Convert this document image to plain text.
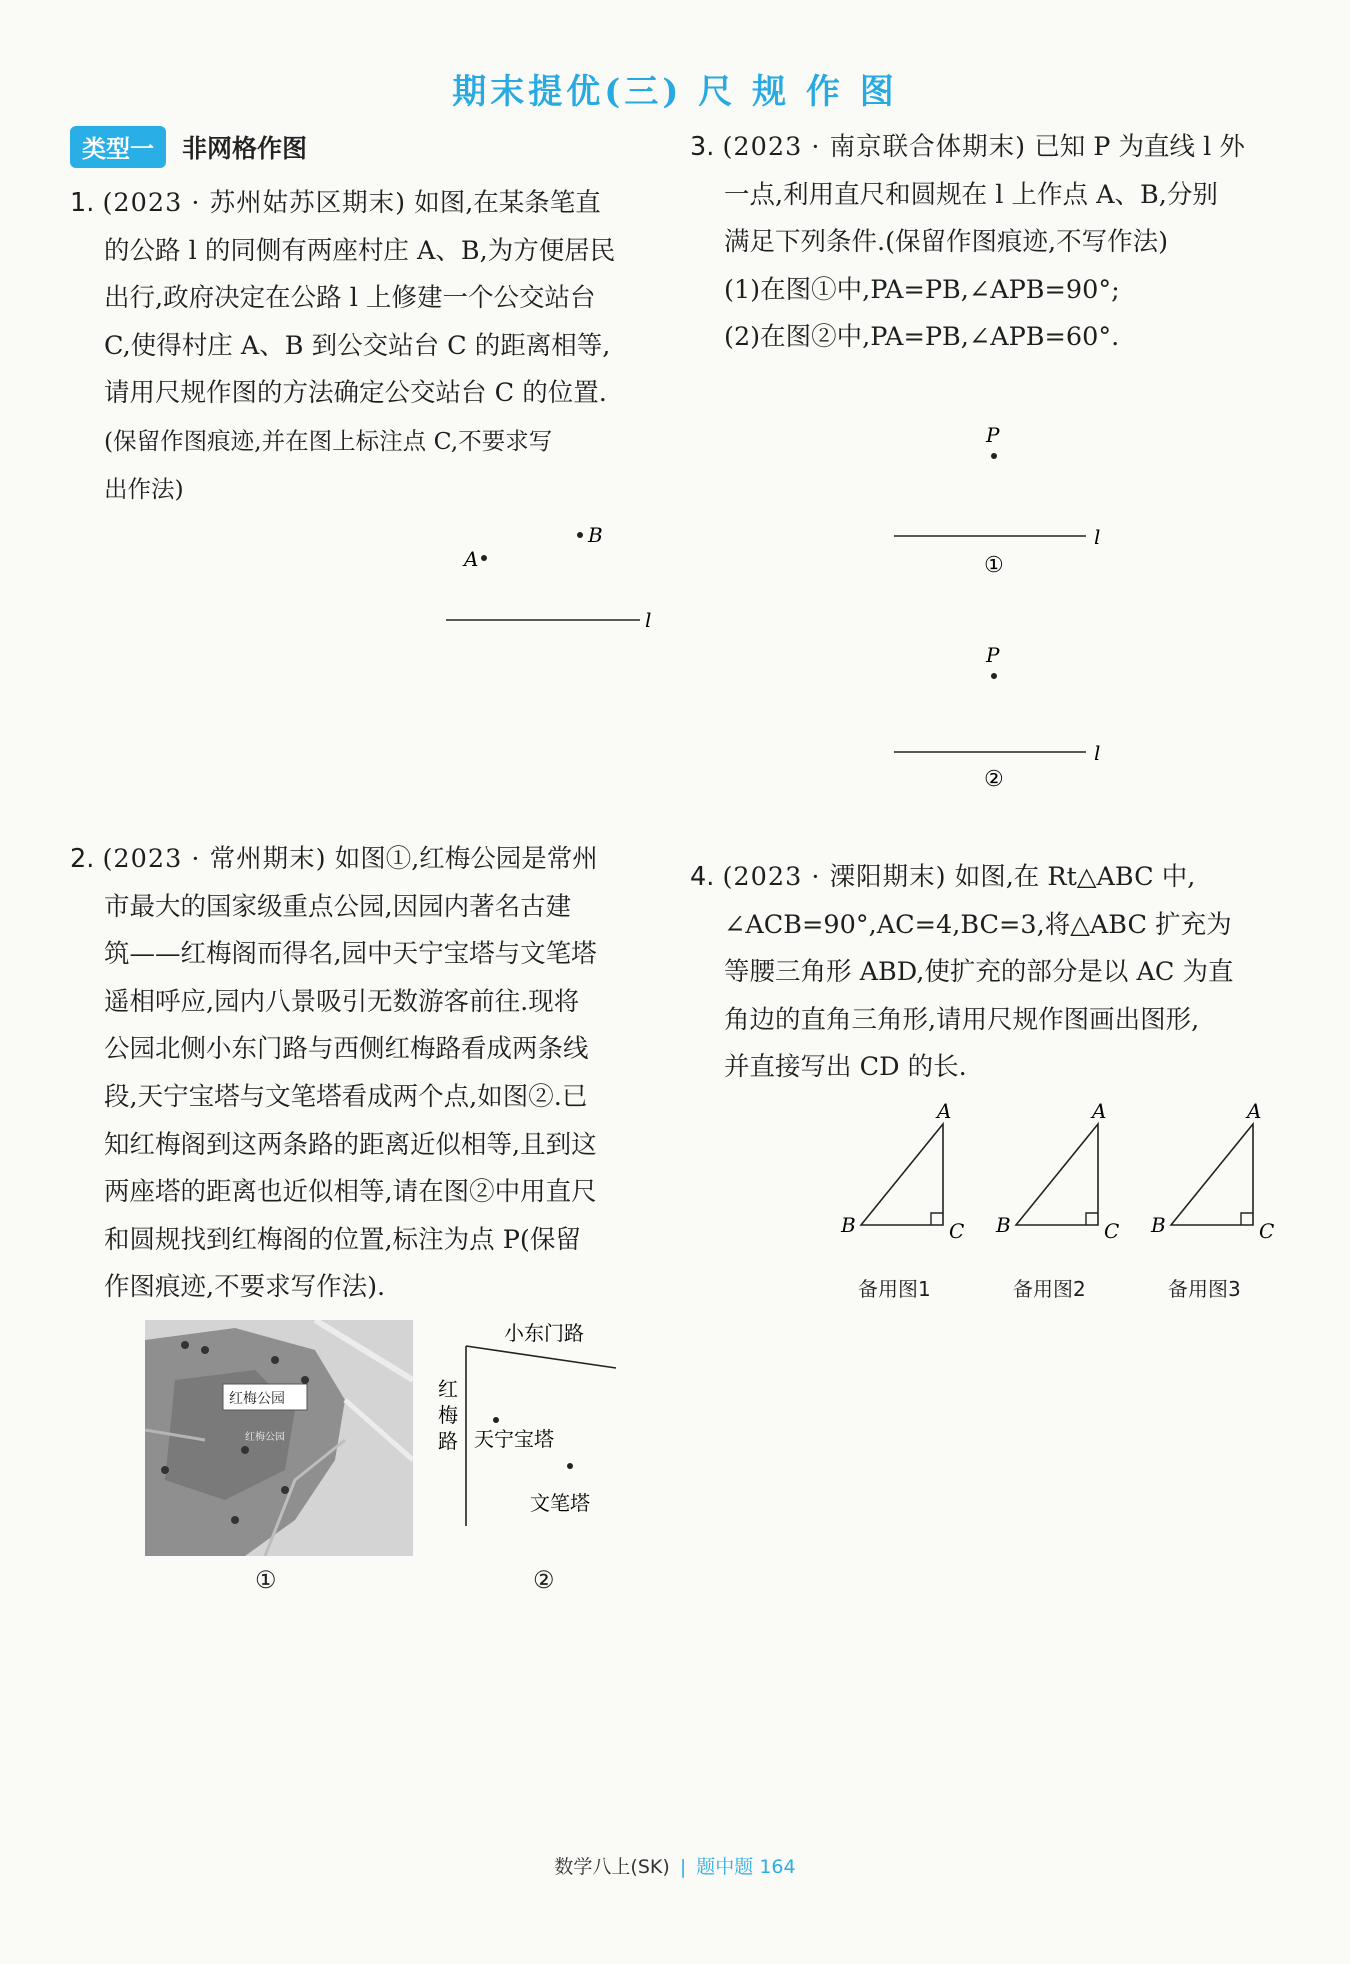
期末提优(三) 尺 规 作 图
类型一	非网格作图
1. (2023 · 苏州姑苏区期末) 如图,在某条笔直
的公路 l 的同侧有两座村庄 A、B,为方便居民
出行,政府决定在公路 l 上修建一个公交站台
C,使得村庄 A、B 到公交站台 C 的距离相等,
请用尺规作图的方法确定公交站台 C 的位置.
(保留作图痕迹,并在图上标注点 C,不要求写
出作法)
A
B
l
3. (2023 · 南京联合体期末) 已知 P 为直线 l 外
一点,利用直尺和圆规在 l 上作点 A、B,分别
满足下列条件.(保留作图痕迹,不写作法)
(1)在图①中,PA=PB,∠APB=90°;
(2)在图②中,PA=PB,∠APB=60°.
P
l
①
P
l
②
2. (2023 · 常州期末) 如图①,红梅公园是常州
市最大的国家级重点公园,因园内著名古建
筑——红梅阁而得名,园中天宁宝塔与文笔塔
遥相呼应,园内八景吸引无数游客前往.现将
公园北侧小东门路与西侧红梅路看成两条线
段,天宁宝塔与文笔塔看成两个点,如图②.已
知红梅阁到这两条路的距离近似相等,且到这
两座塔的距离也近似相等,请在图②中用直尺
和圆规找到红梅阁的位置,标注为点 P(保留
作图痕迹,不要求写作法).
红梅公园
红梅公园
①
小东门路
红
梅
路 天宁宝塔
文笔塔
②
4. (2023 · 溧阳期末) 如图,在 Rt△ABC 中,
∠ACB=90°,AC=4,BC=3,将△ABC 扩充为
等腰三角形 ABD,使扩充的部分是以 AC 为直
角边的直角三角形,请用尺规作图画出图形,
并直接写出 CD 的长.
A
B	C
A
B	C
A
B	C
备用图1	备用图2	备用图3
数学八上(SK) | 题中题 164
